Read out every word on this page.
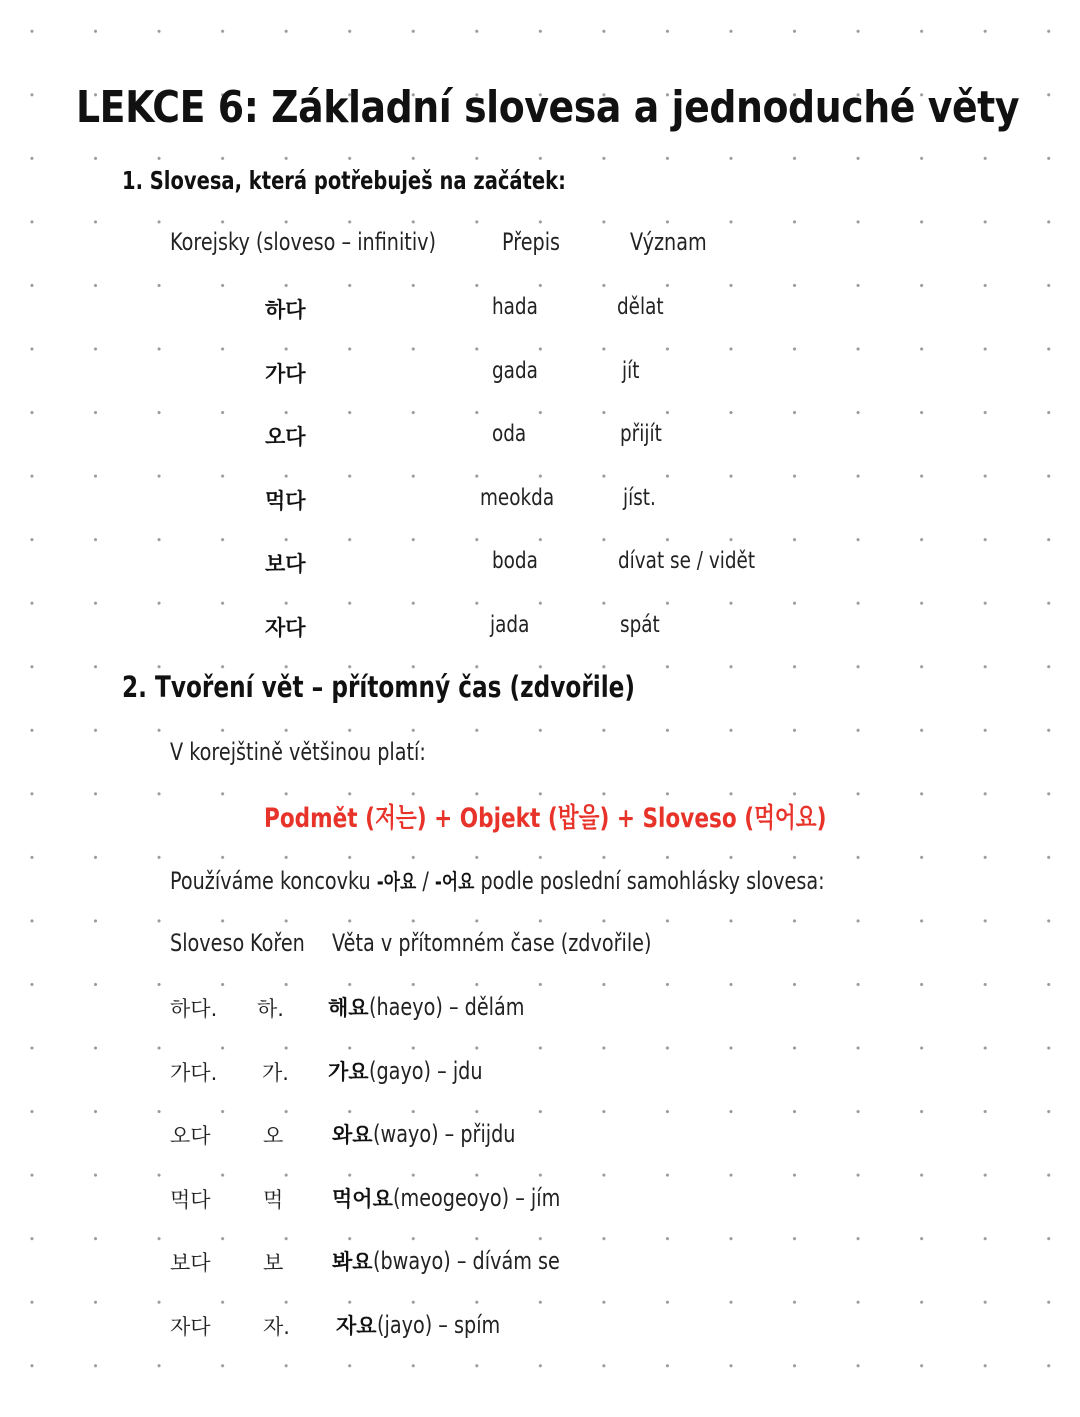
LEKCE 6: Základní slovesa a jednoduché věty
1. Slovesa, která potřebuješ na začátek:
Korejsky (sloveso – infinitiv)	Přepis	Význam
하다	hada	dělat
가다	gada	jít
오다	oda	přijít
먹다	meokda	jíst.
보다	boda	dívat se / vidět
자다	jada	spát
2. Tvoření vět – přítomný čas (zdvořile)
V korejštině většinou platí:
Podmět (저는) + Objekt (밥을) + Sloveso (먹어요)
Používáme koncovku -아요 / -어요 podle poslední samohlásky slovesa:
Sloveso Kořen Věta v přítomném čase (zdvořile)
하다. 하. 해요(haeyo) – dělám
가다. 가. 가요(gayo) – jdu
오다 오 와요(wayo) – přijdu
먹다 먹 먹어요(meogeoyo) – jím
보다 보 봐요(bwayo) – dívám se
자다 자. 자요(jayo) – spím
